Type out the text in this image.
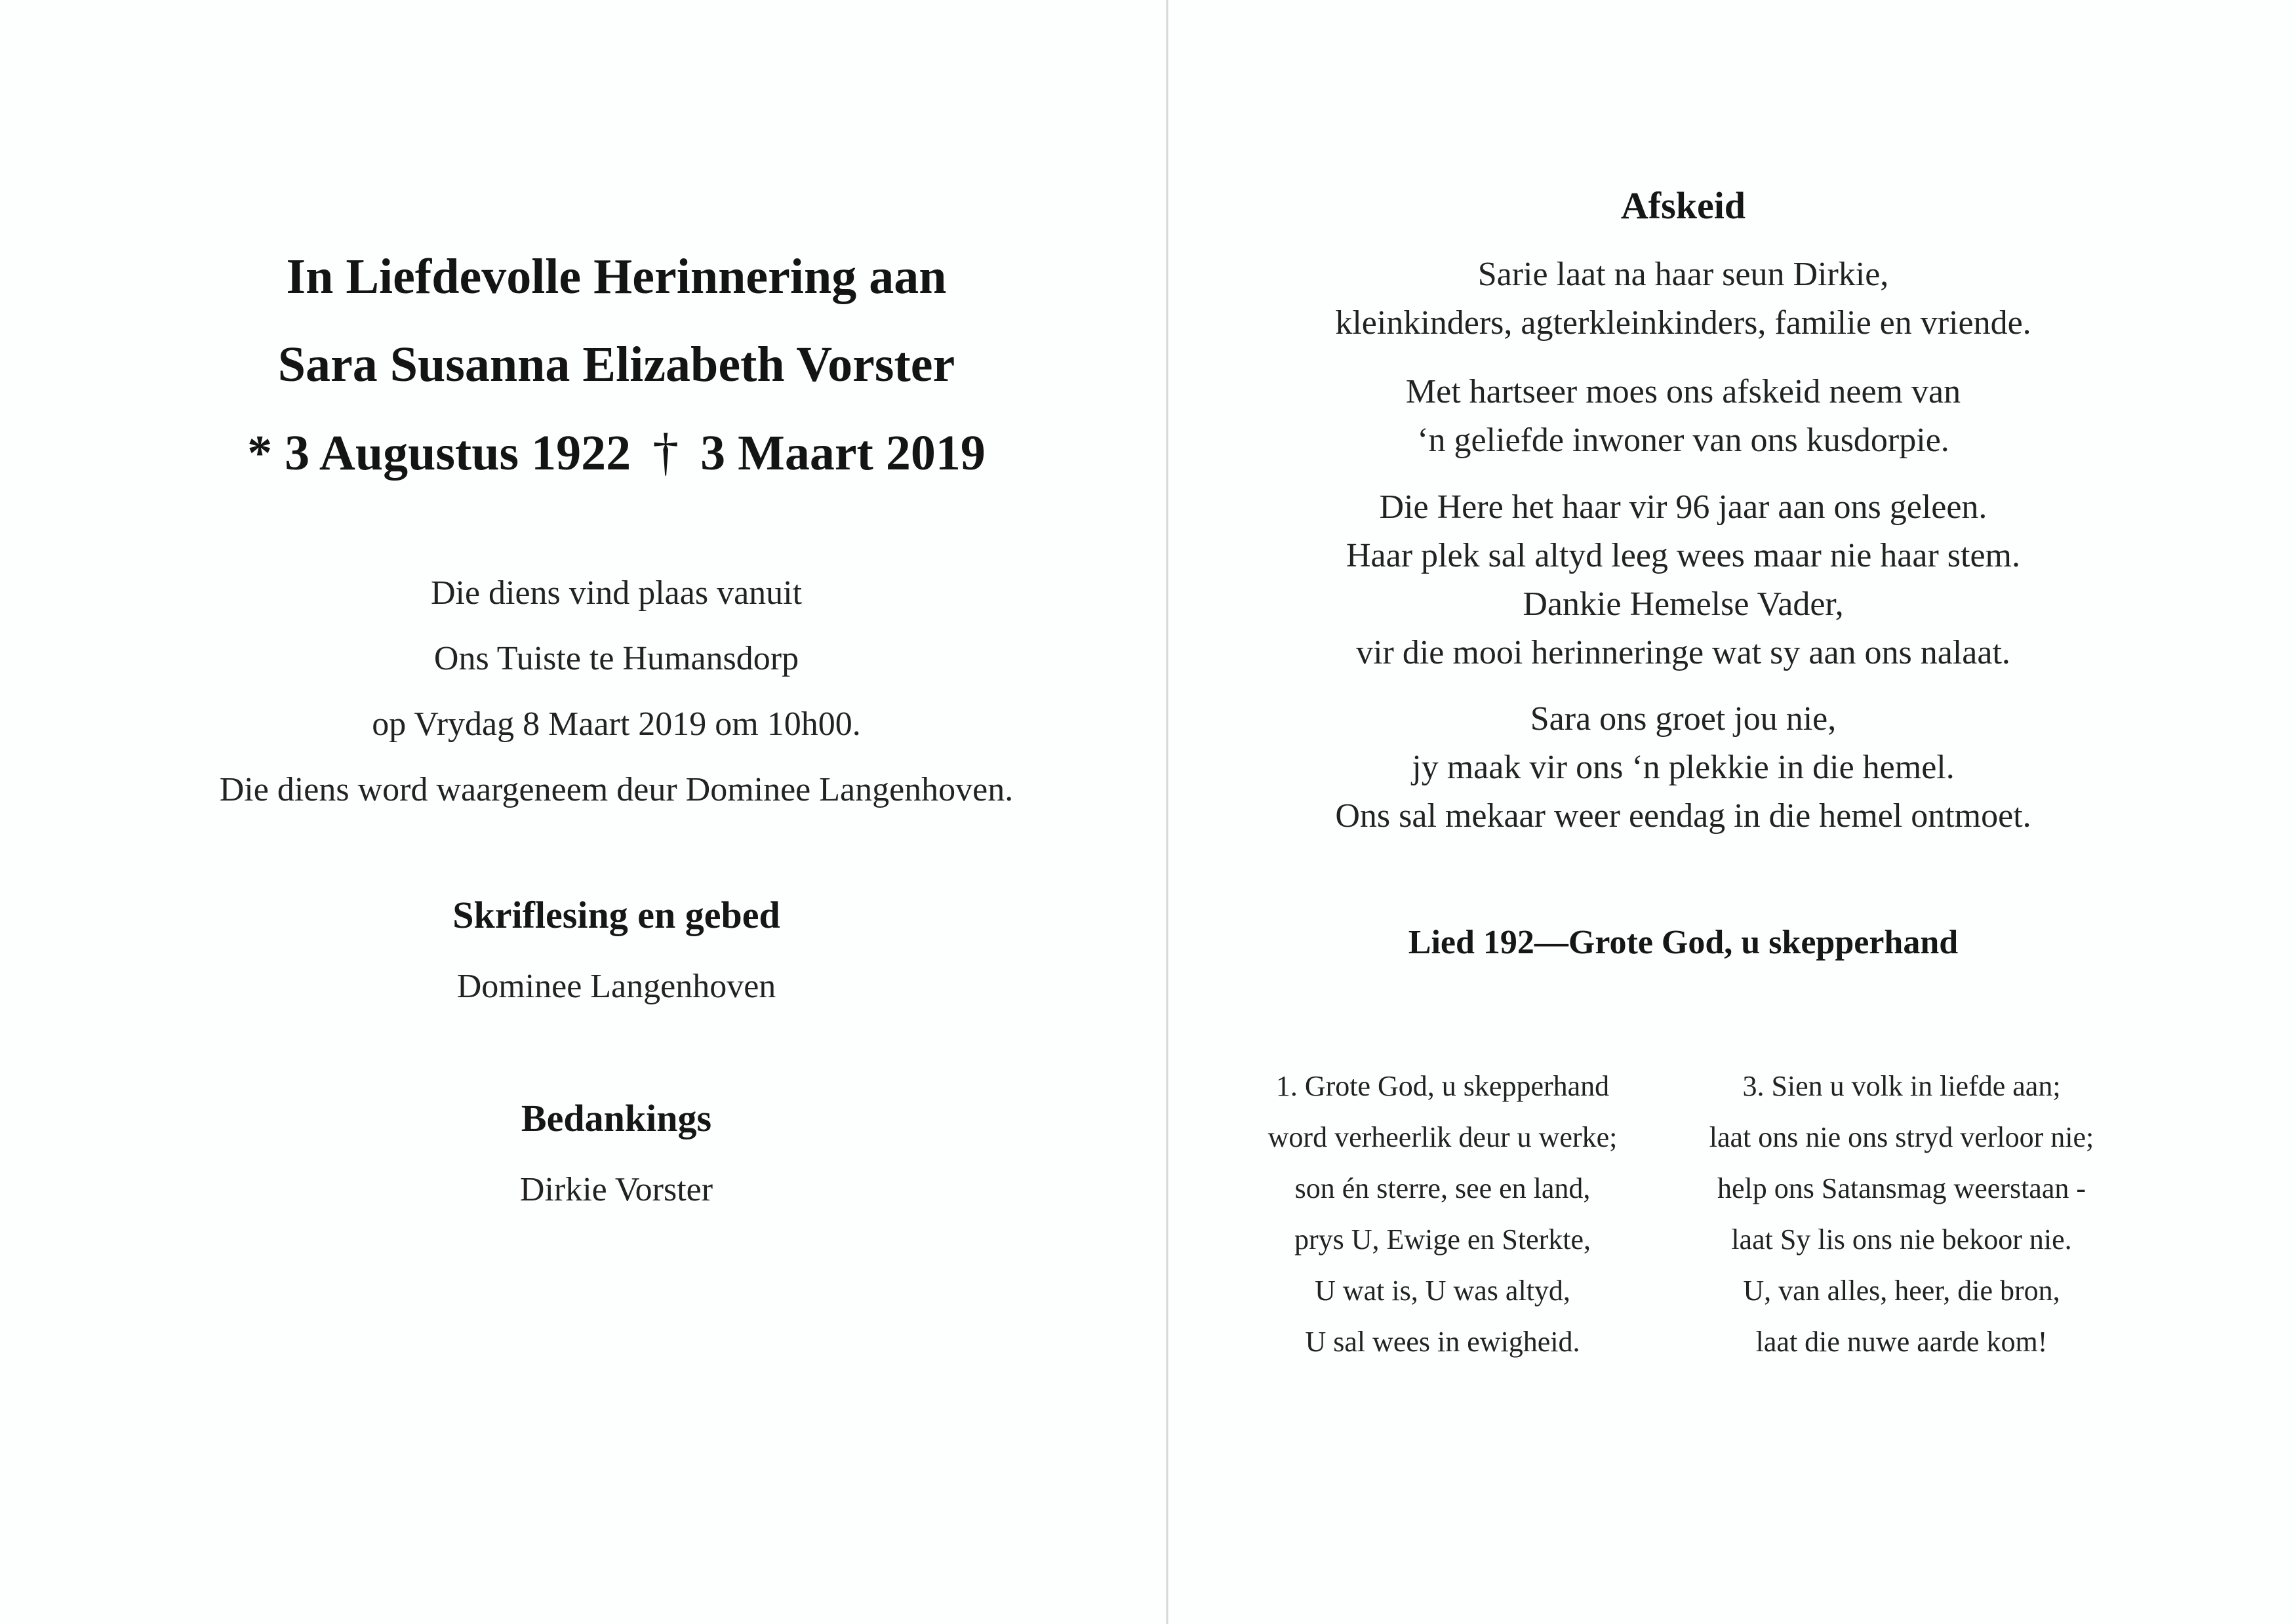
In Liefdevolle Herinnering aan
Sara Susanna Elizabeth Vorster
* 3 Augustus 1922 † 3 Maart 2019
Die diens vind plaas vanuit
Ons Tuiste te Humansdorp
op Vrydag 8 Maart 2019 om 10h00.
Die diens word waargeneem deur Dominee Langenhoven.
Skriflesing en gebed
Dominee Langenhoven
Bedankings
Dirkie Vorster
Afskeid
Sarie laat na haar seun Dirkie,
kleinkinders, agterkleinkinders, familie en vriende.
Met hartseer moes ons afskeid neem van
‘n geliefde inwoner van ons kusdorpie.
Die Here het haar vir 96 jaar aan ons geleen.
Haar plek sal altyd leeg wees maar nie haar stem.
Dankie Hemelse Vader,
vir die mooi herinneringe wat sy aan ons nalaat.
Sara ons groet jou nie,
jy maak vir ons ‘n plekkie in die hemel.
Ons sal mekaar weer eendag in die hemel ontmoet.
Lied 192—Grote God, u skepperhand
1. Grote God, u skepperhand
word verheerlik deur u werke;
son én sterre, see en land,
prys U, Ewige en Sterkte,
U wat is, U was altyd,
U sal wees in ewigheid.
3. Sien u volk in liefde aan;
laat ons nie ons stryd verloor nie;
help ons Satansmag weerstaan -
laat Sy lis ons nie bekoor nie.
U, van alles, heer, die bron,
laat die nuwe aarde kom!
